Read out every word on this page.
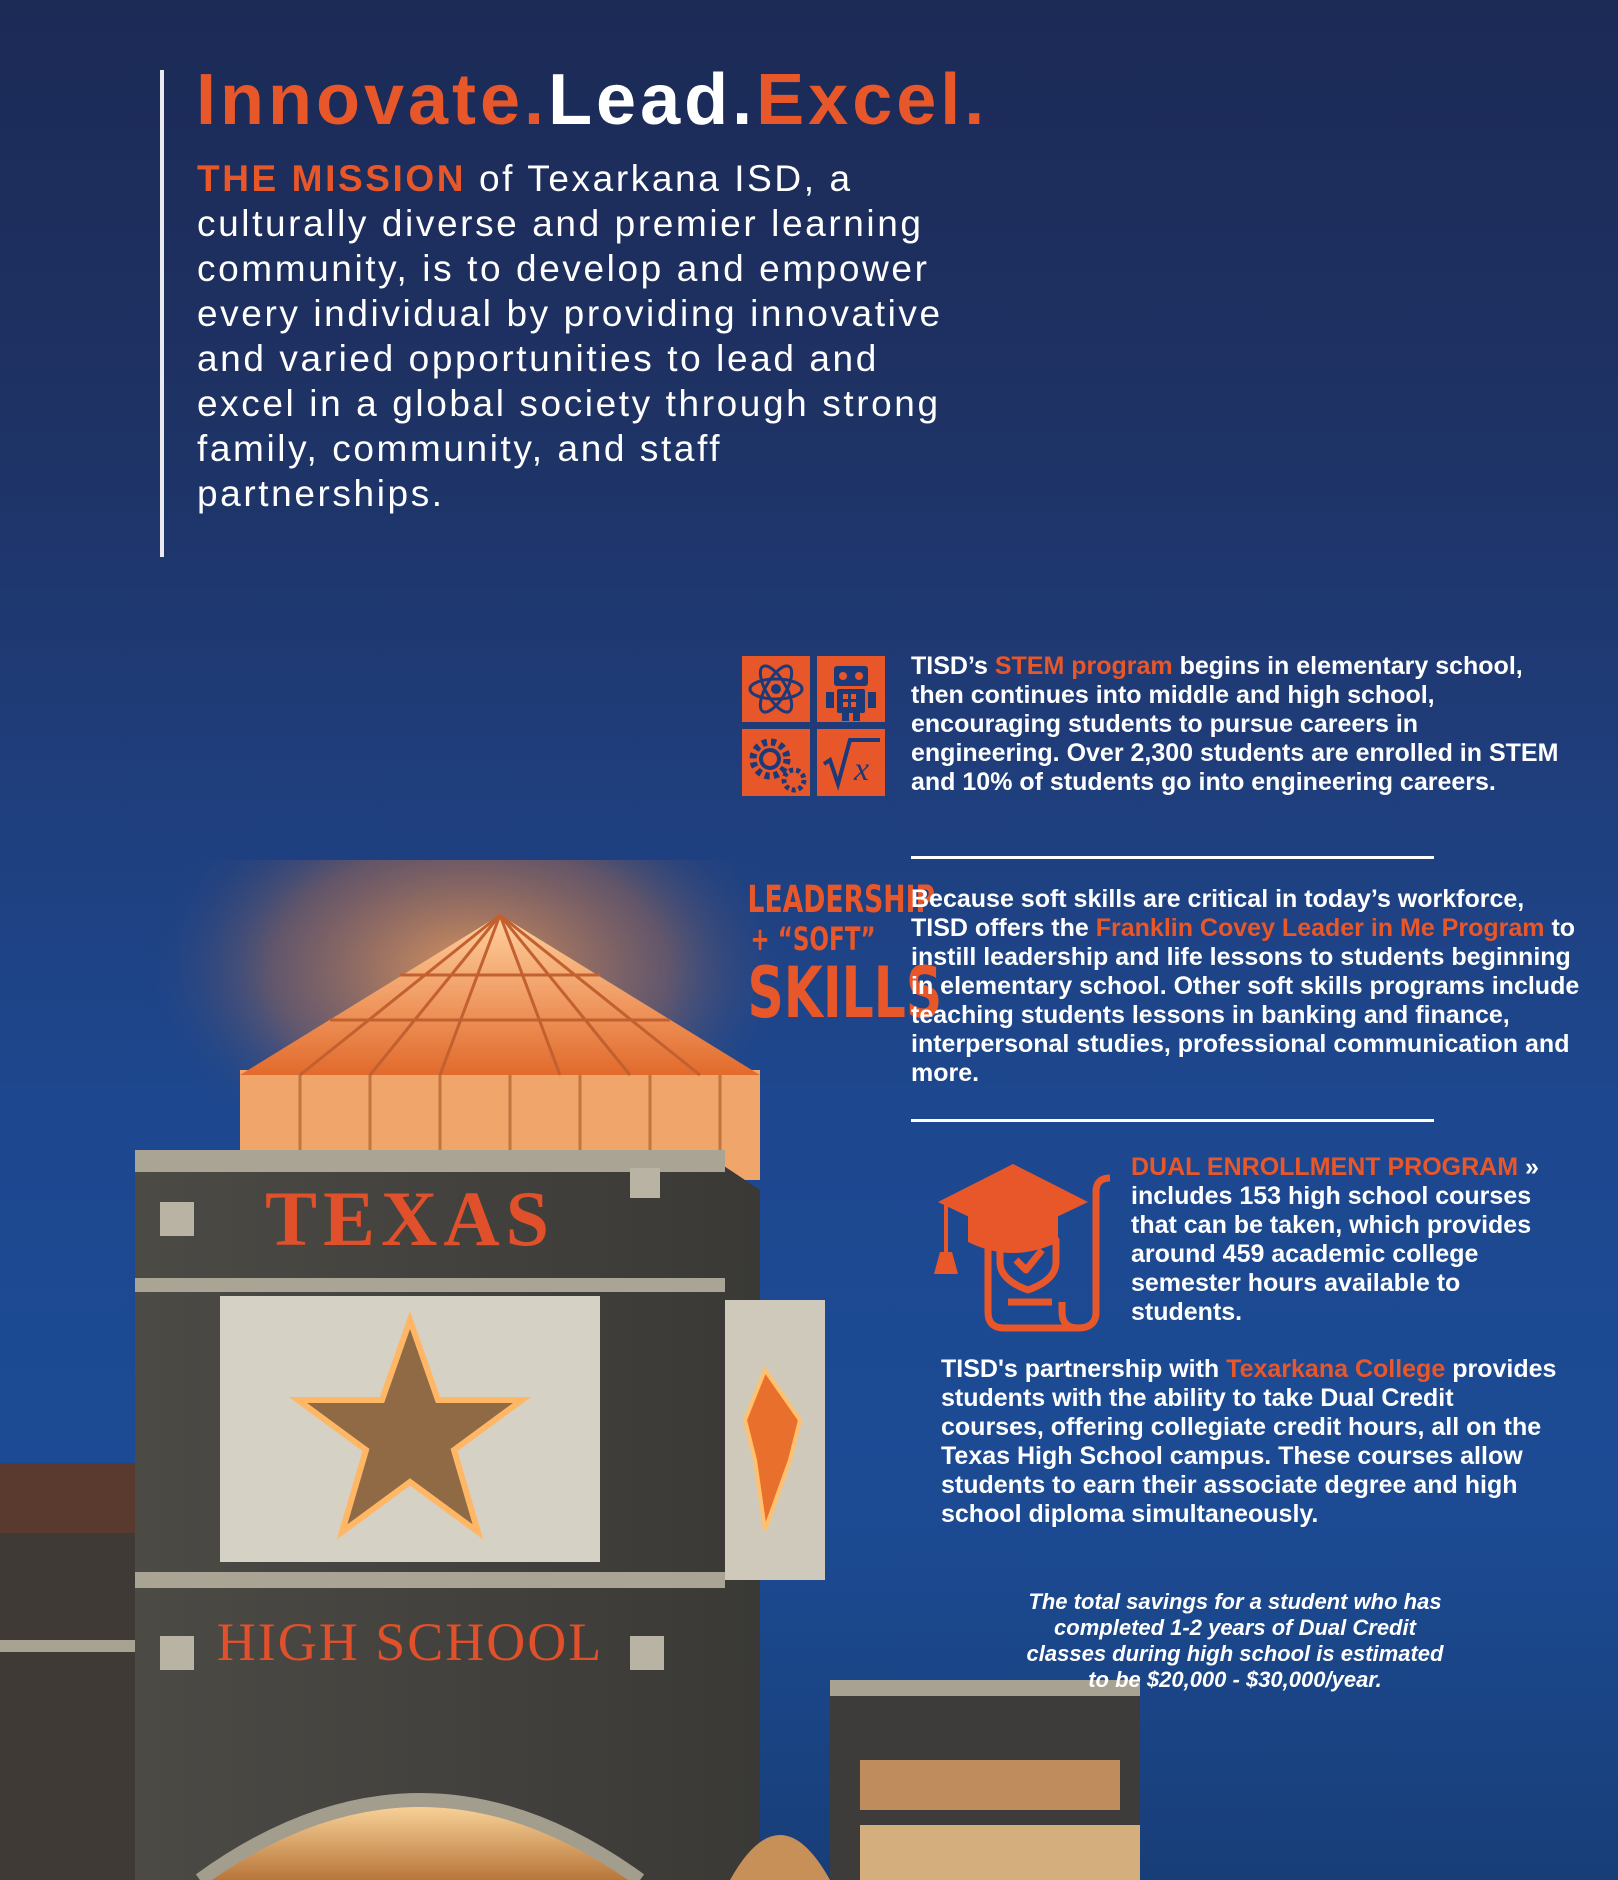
Innovate.Lead.Excel.

THE MISSION of Texarkana ISD, a culturally diverse and premier learning community, is to develop and empower every individual by providing innovative and varied opportunities to lead and excel in a global society through strong family, community, and staff partnerships.

TEXAS
HIGH SCHOOL
x

TISD’s STEM program begins in elementary school, then continues into middle and high school, encouraging students to pursue careers in engineering. Over 2,300 students are enrolled in STEM and 10% of students go into engineering careers.

LEADERSHIP
+ “SOFT”
SKILLS

Because soft skills are critical in today’s workforce, TISD offers the Franklin Covey Leader in Me Program to instill leadership and life lessons to students beginning in elementary school. Other soft skills programs include teaching students lessons in banking and finance, interpersonal studies, professional communication and more.

DUAL ENROLLMENT PROGRAM » includes 153 high school courses that can be taken, which provides around 459 academic college semester hours available to students.

TISD's partnership with Texarkana College provides students with the ability to take Dual Credit courses, offering collegiate credit hours, all on the Texas High School campus. These courses allow students to earn their associate degree and high school diploma simultaneously.

The total savings for a student who has completed 1-2 years of Dual Credit classes during high school is estimated to be $20,000 - $30,000/year.
